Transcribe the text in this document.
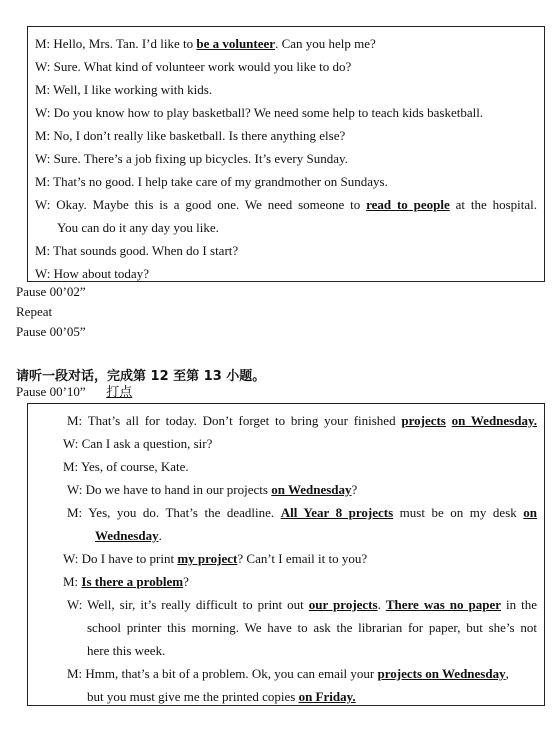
Pause 00’02”
Repeat
Pause 00’05”
请听一段对话，完成第 12 至第 13 小题。
Pause 00’10” 打点
M: Hello, Mrs. Tan. I’d like to be a volunteer. Can you help me?
W: Sure. What kind of volunteer work would you like to do?
M: Well, I like working with kids.
W: Do you know how to play basketball? We need some help to teach kids basketball.
M: No, I don’t really like basketball. Is there anything else?
W: Sure. There’s a job fixing up bicycles. It’s every Sunday.
M: That’s no good. I help take care of my grandmother on Sundays.
W: Okay. Maybe this is a good one. We need someone to read to people at the hospital.
You can do it any day you like.
M: That sounds good. When do I start?
W: How about today?
M: That’s all for today. Don’t forget to bring your finished projects on Wednesday.
W: Can I ask a question, sir?
M: Yes, of course, Kate.
W: Do we have to hand in our projects on Wednesday?
M: Yes, you do. That’s the deadline. All Year 8 projects must be on my desk on
Wednesday.
W: Do I have to print my project? Can’t I email it to you?
M: Is there a problem?
W: Well, sir, it’s really difficult to print out our projects. There was no paper in the
school printer this morning. We have to ask the librarian for paper, but she’s not
here this week.
M: Hmm, that’s a bit of a problem. Ok, you can email your projects on Wednesday,
but you must give me the printed copies on Friday.
